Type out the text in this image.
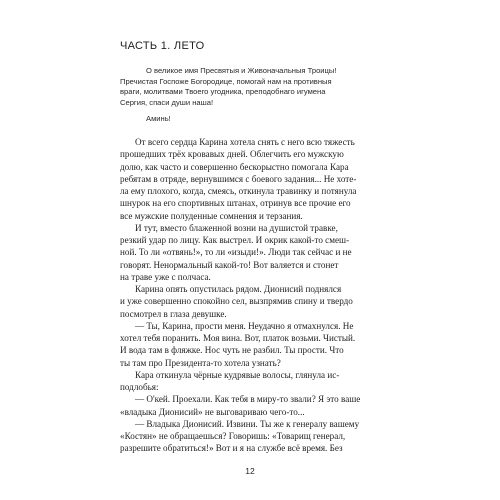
ЧАСТЬ 1. ЛЕТО
О великое имя Пресвятыя и Живоначальныя Троицы!
Пречистая Госпоже Богородице, помогай нам на противныя
враги, молитвами Твоего угодника, преподобнаго игумена
Сергия, спаси души наша!
Аминь!
От всего сердца Карина хотела снять с него всю тяжесть
прошедших трёх кровавых дней. Облегчить его мужскую
долю, как часто и совершенно бескорыстно помогала Кара
ребятам в отряде, вернувшимся с боевого задания... Не хоте-
ла ему плохого, когда, смеясь, откинула травинку и потянула
шнурок на его спортивных штанах, отринув все прочие его
все мужские полуденные сомнения и терзания.
И тут, вместо блаженной возни на душистой травке,
резкий удар по лицу. Как выстрел. И окрик какой-то смеш-
ной. То ли «отвянь!», то ли «изыди!». Люди так сейчас и не
говорят. Ненормальный какой-то! Вот валяется и стонет
на траве уже с полчаса.
Карина опять опустилась рядом. Дионисий поднялся
и уже совершенно спокойно сел, вызпрямив спину и твердо
посмотрел в глаза девушке.
— Ты, Карина, прости меня. Неудачно я отмахнулся. Не
хотел тебя поранить. Моя вина. Вот, платок возьми. Чистый.
И вода там в фляжке. Нос чуть не разбил. Ты прости. Что
ты там про Президента-то хотела узнать?
Кара откинула чёрные кудрявые волосы, глянула ис-
подлобья:
— О'кей. Проехали. Как тебя в миру-то звали? Я это ваше
«владыка Дионисий» не выговариваю чего-то...
— Владыка Дионисий. Извини. Ты же к генералу вашему
«Костян» не обращаешься? Говоришь: «Товарищ генерал,
разрешите обратиться!» Вот и я на службе всё время. Без
12
